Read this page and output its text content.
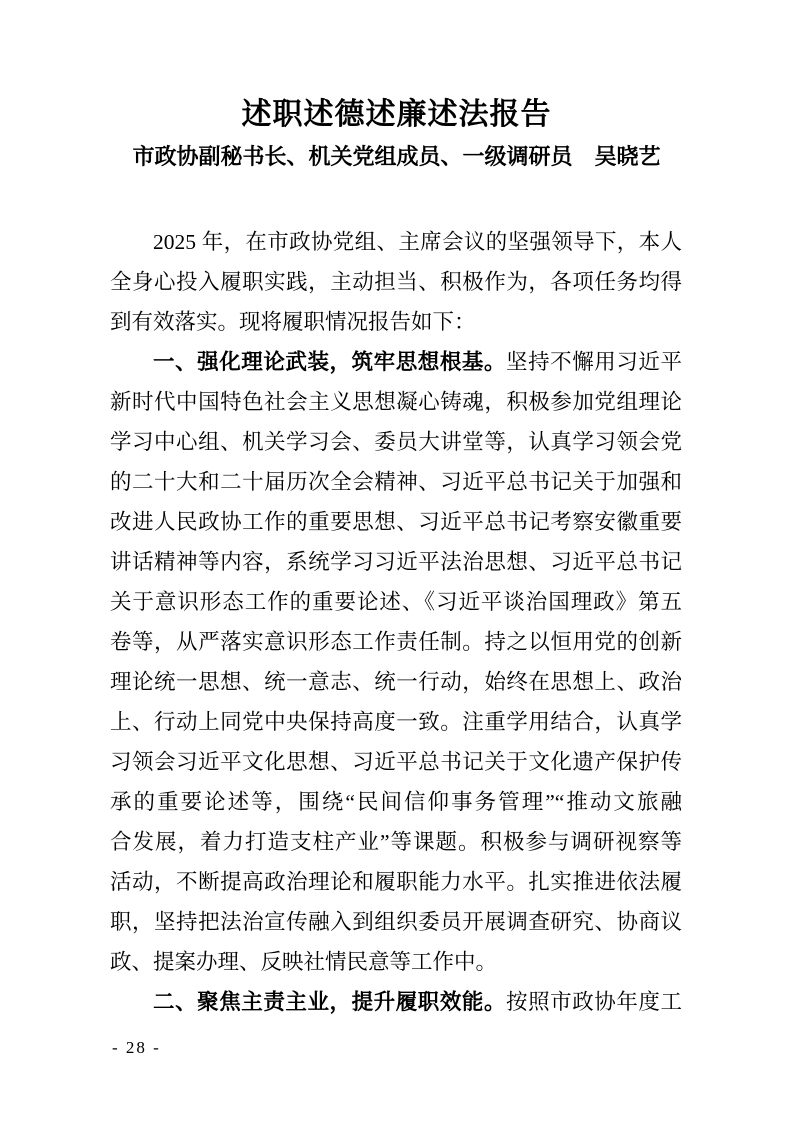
述职述德述廉述法报告
市政协副秘书长、机关党组成员、一级调研员　吴晓艺
2025 年，在市政协党组、主席会议的坚强领导下，本人
全身心投入履职实践，主动担当、积极作为，各项任务均得
到有效落实。现将履职情况报告如下：
一、强化理论武装，筑牢思想根基。坚持不懈用习近平
新时代中国特色社会主义思想凝心铸魂，积极参加党组理论
学习中心组、机关学习会、委员大讲堂等，认真学习领会党
的二十大和二十届历次全会精神、习近平总书记关于加强和
改进人民政协工作的重要思想、习近平总书记考察安徽重要
讲话精神等内容，系统学习习近平法治思想、习近平总书记
关于意识形态工作的重要论述、《习近平谈治国理政》第五
卷等，从严落实意识形态工作责任制。持之以恒用党的创新
理论统一思想、统一意志、统一行动，始终在思想上、政治
上、行动上同党中央保持高度一致。注重学用结合，认真学
习领会习近平文化思想、习近平总书记关于文化遗产保护传
承的重要论述等，围绕“民间信仰事务管理”“推动文旅融
合发展，着力打造支柱产业”等课题。积极参与调研视察等
活动，不断提高政治理论和履职能力水平。扎实推进依法履
职，坚持把法治宣传融入到组织委员开展调查研究、协商议
政、提案办理、反映社情民意等工作中。
二、聚焦主责主业，提升履职效能。按照市政协年度工
- 28 -
